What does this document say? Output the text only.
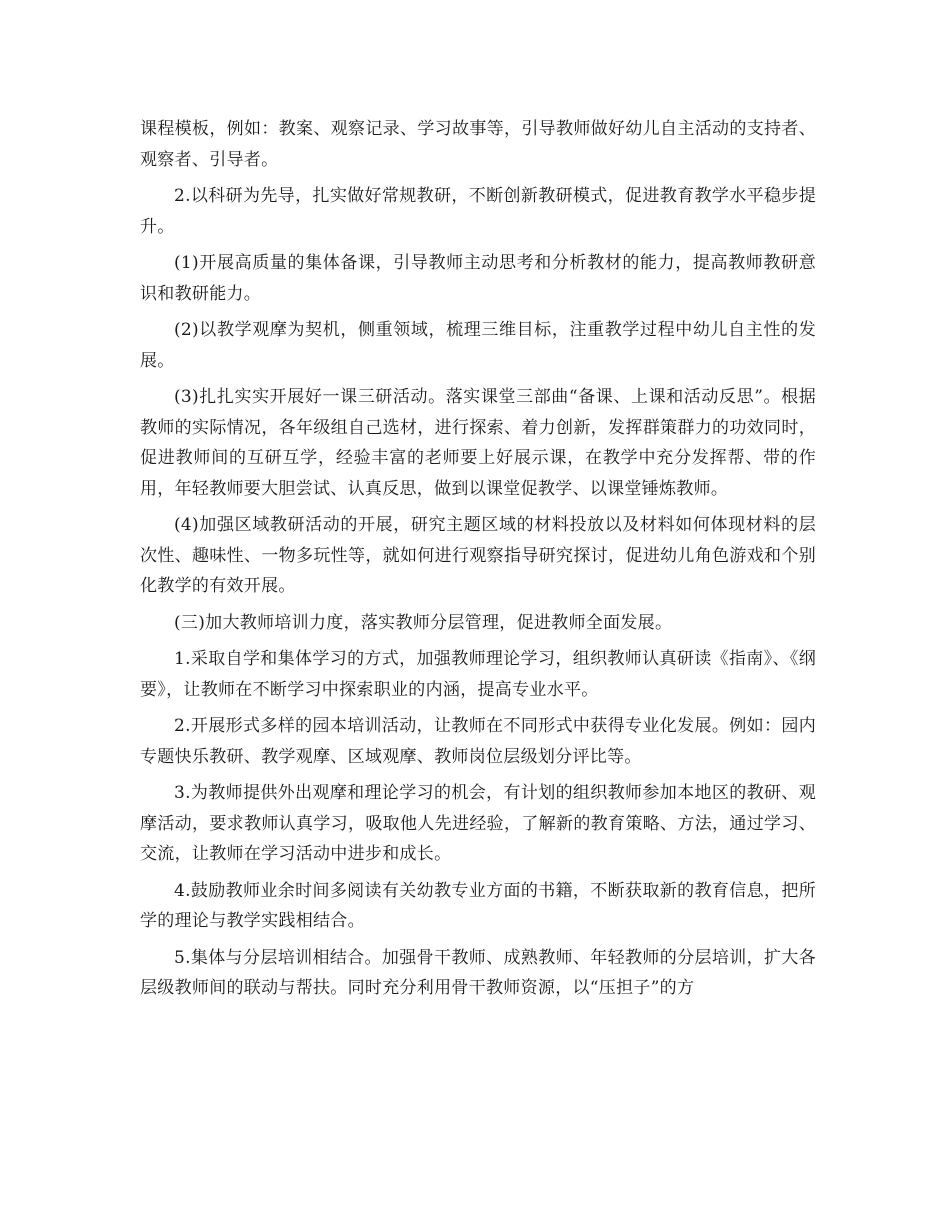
课程模板，例如：教案、观察记录、学习故事等，引导教师做好幼儿自主活动的支持者、观察者、引导者。

2.以科研为先导，扎实做好常规教研，不断创新教研模式，促进教育教学水平稳步提升。

(1)开展高质量的集体备课，引导教师主动思考和分析教材的能力，提高教师教研意识和教研能力。

(2)以教学观摩为契机，侧重领域，梳理三维目标，注重教学过程中幼儿自主性的发展。

(3)扎扎实实开展好一课三研活动。落实课堂三部曲“备课、上课和活动反思”。根据教师的实际情况，各年级组自己选材，进行探索、着力创新，发挥群策群力的功效同时，促进教师间的互研互学，经验丰富的老师要上好展示课，在教学中充分发挥帮、带的作用，年轻教师要大胆尝试、认真反思，做到以课堂促教学、以课堂锤炼教师。

(4)加强区域教研活动的开展，研究主题区域的材料投放以及材料如何体现材料的层次性、趣味性、一物多玩性等，就如何进行观察指导研究探讨，促进幼儿角色游戏和个别化教学的有效开展。

(三)加大教师培训力度，落实教师分层管理，促进教师全面发展。

1.采取自学和集体学习的方式，加强教师理论学习，组织教师认真研读《指南》、《纲要》，让教师在不断学习中探索职业的内涵，提高专业水平。

2.开展形式多样的园本培训活动，让教师在不同形式中获得专业化发展。例如：园内专题快乐教研、教学观摩、区域观摩、教师岗位层级划分评比等。

3.为教师提供外出观摩和理论学习的机会，有计划的组织教师参加本地区的教研、观摩活动，要求教师认真学习，吸取他人先进经验，了解新的教育策略、方法，通过学习、交流，让教师在学习活动中进步和成长。

4.鼓励教师业余时间多阅读有关幼教专业方面的书籍，不断获取新的教育信息，把所学的理论与教学实践相结合。

5.集体与分层培训相结合。加强骨干教师、成熟教师、年轻教师的分层培训，扩大各层级教师间的联动与帮扶。同时充分利用骨干教师资源，以“压担子”的方
